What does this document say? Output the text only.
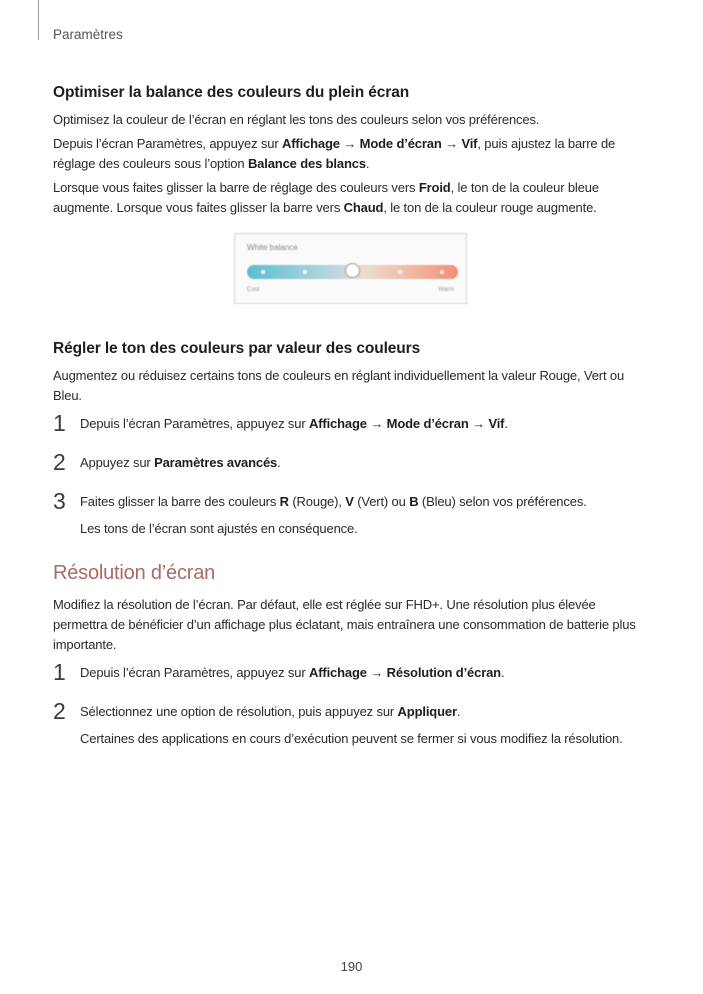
Paramètres
Optimiser la balance des couleurs du plein écran

Optimisez la couleur de l’écran en réglant les tons des couleurs selon vos préférences.

Depuis l’écran Paramètres, appuyez sur Affichage → Mode d’écran → Vif, puis ajustez la barre de réglage des couleurs sous l’option Balance des blancs.

Lorsque vous faites glisser la barre de réglage des couleurs vers Froid, le ton de la couleur bleue augmente. Lorsque vous faites glisser la barre vers Chaud, le ton de la couleur rouge augmente.

White balance
Cool	Warm
Régler le ton des couleurs par valeur des couleurs

Augmentez ou réduisez certains tons de couleurs en réglant individuellement la valeur Rouge, Vert ou Bleu.

1 Depuis l’écran Paramètres, appuyez sur Affichage → Mode d’écran → Vif.

2 Appuyez sur Paramètres avancés.

3 Faites glisser la barre des couleurs R (Rouge), V (Vert) ou B (Bleu) selon vos préférences.

Les tons de l’écran sont ajustés en conséquence.

Résolution d’écran

Modifiez la résolution de l’écran. Par défaut, elle est réglée sur FHD+. Une résolution plus élevée permettra de bénéficier d’un affichage plus éclatant, mais entraînera une consommation de batterie plus importante.

1 Depuis l’écran Paramètres, appuyez sur Affichage → Résolution d’écran.

2 Sélectionnez une option de résolution, puis appuyez sur Appliquer.

Certaines des applications en cours d’exécution peuvent se fermer si vous modifiez la résolution.

190
